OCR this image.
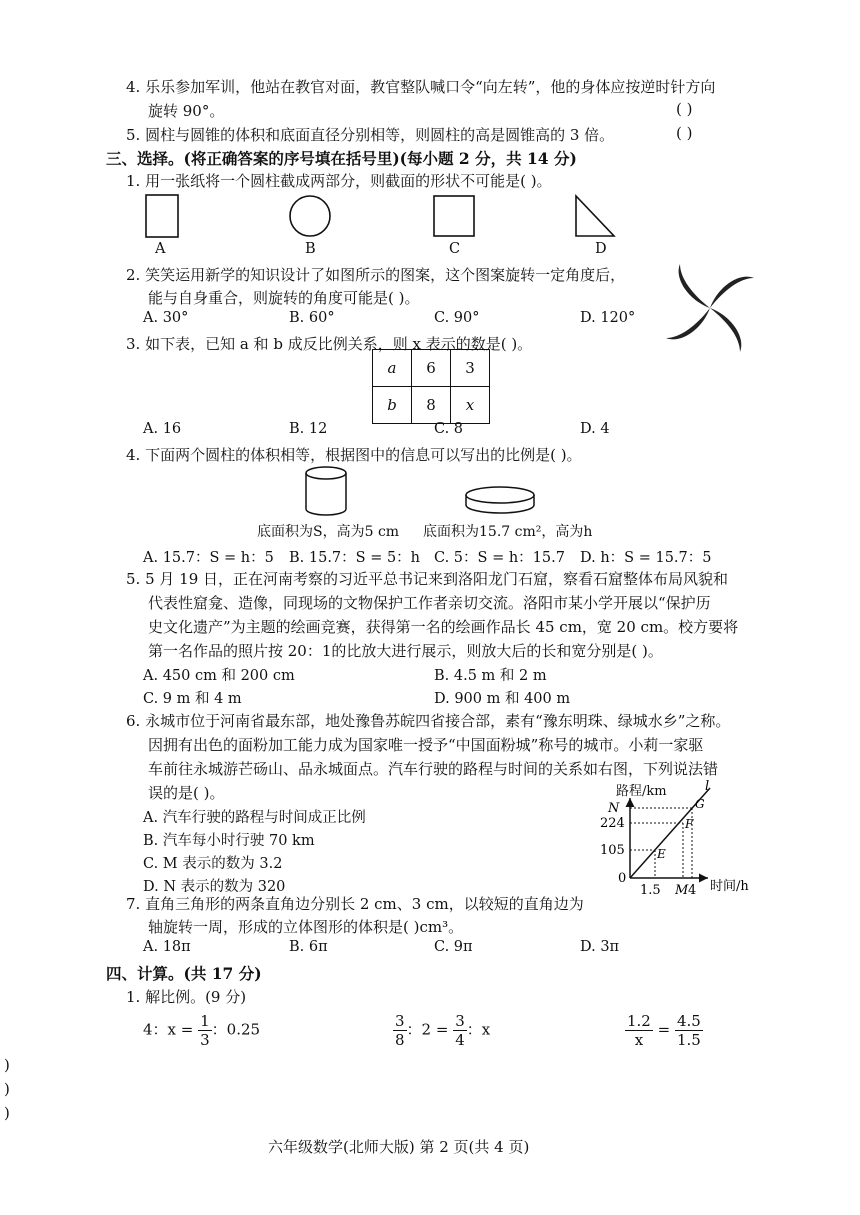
4. 乐乐参加军训，他站在教官对面，教官整队喊口令“向左转”，他的身体应按逆时针方向
旋转 90°。	( )
5. 圆柱与圆锥的体积和底面直径分别相等，则圆柱的高是圆锥高的 3 倍。	( )
三、选择。(将正确答案的序号填在括号里)(每小题 2 分，共 14 分)
1. 用一张纸将一个圆柱截成两部分，则截面的形状不可能是( )。
A	B	C	D
2. 笑笑运用新学的知识设计了如图所示的图案，这个图案旋转一定角度后，
能与自身重合，则旋转的角度可能是( )。
A. 30°	B. 60°	C. 90°	D. 120°
3. 如下表，已知 a 和 b 成反比例关系，则 x 表示的数是( )。
a	6	3
b	8	x
A. 16	B. 12	C. 8	D. 4
4. 下面两个圆柱的体积相等，根据图中的信息可以写出的比例是( )。
底面积为S，高为5 cm 底面积为15.7 cm²，高为h
A. 15.7：S = h：5 B. 15.7：S = 5：h C. 5：S = h：15.7 D. h：S = 15.7：5
5. 5 月 19 日，正在河南考察的习近平总书记来到洛阳龙门石窟，察看石窟整体布局风貌和
代表性窟龛、造像，同现场的文物保护工作者亲切交流。洛阳市某小学开展以“保护历
史文化遗产”为主题的绘画竞赛，获得第一名的绘画作品长 45 cm，宽 20 cm。校方要将
第一名作品的照片按 20：1的比放大进行展示，则放大后的长和宽分别是( )。
A. 450 cm 和 200 cm	B. 4.5 m 和 2 m
C. 9 m 和 4 m	D. 900 m 和 400 m
6. 永城市位于河南省最东部，地处豫鲁苏皖四省接合部，素有“豫东明珠、绿城水乡”之称。
因拥有出色的面粉加工能力成为国家唯一授予“中国面粉城”称号的城市。小莉一家驱
车前往永城游芒砀山、品永城面点。汽车行驶的路程与时间的关系如右图，下列说法错
误的是( )。
A. 汽车行驶的路程与时间成正比例
B. 汽车每小时行驶 70 km
C. M 表示的数为 3.2
D. N 表示的数为 320
N
224
105
0
1.5 M 4 时间/h
l
E
F
G
路程/km
7. 直角三角形的两条直角边分别长 2 cm、3 cm，以较短的直角边为
轴旋转一周，形成的立体图形的体积是( )cm³。
A. 18π	B. 6π	C. 9π	D. 3π
四、计算。(共 17 分)
1. 解比例。(9 分)
4：$x = \frac{1}{3}$ ：0.25	$\frac{3}{8}$ ：$2 = \frac{3}{4}$ ：x	$\frac{1.2}{x} = \frac{4.5}{1.5}$
)
)
)
六年级数学(北师大版) 第 2 页(共 4 页)
